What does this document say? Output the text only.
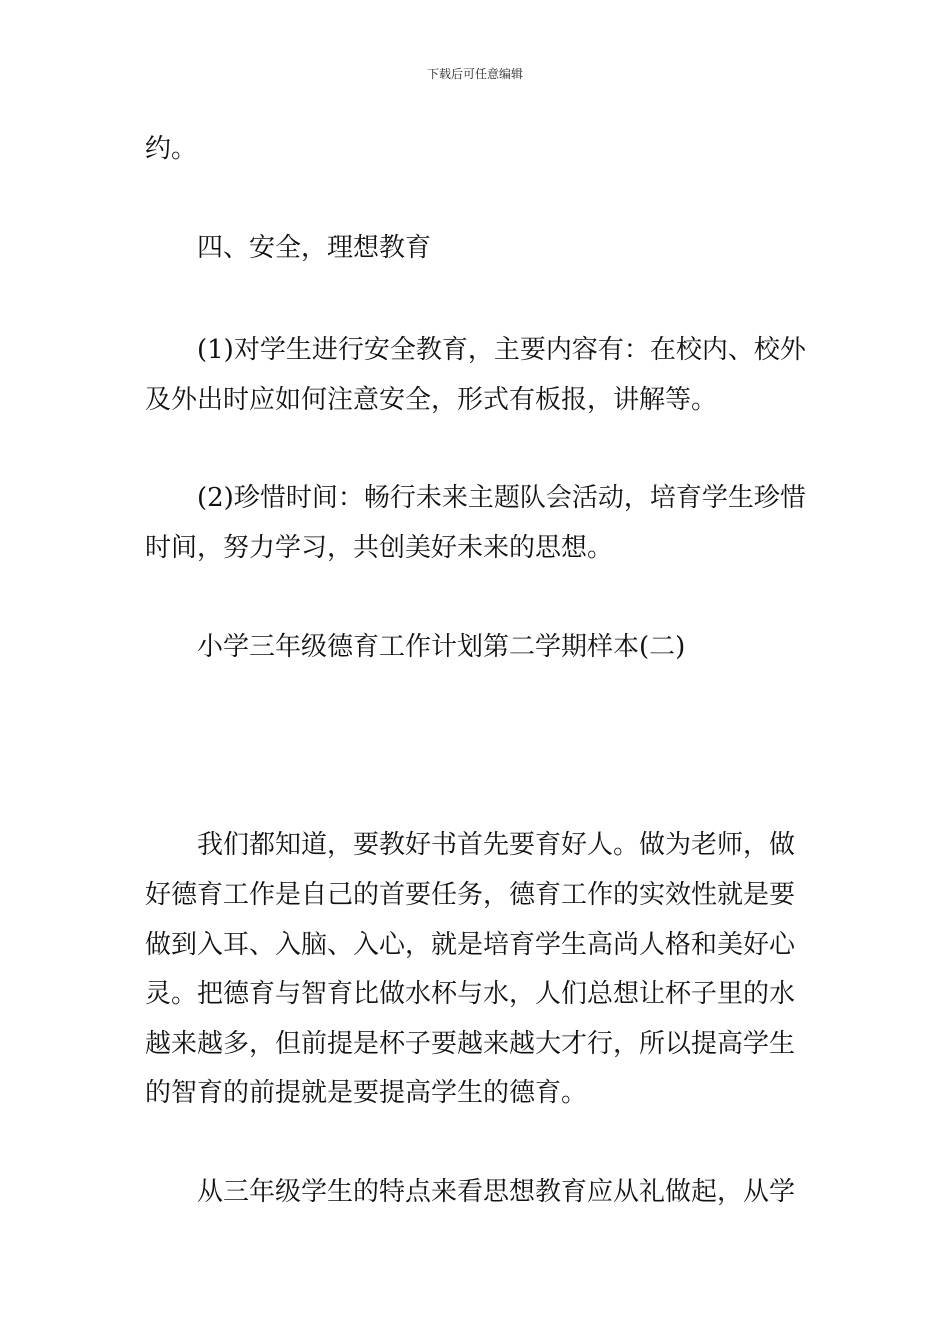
下载后可任意编辑
约。
四、安全，理想教育
(1)对学生进行安全教育，主要内容有：在校内、校外
及外出时应如何注意安全，形式有板报，讲解等。
(2)珍惜时间：畅行未来主题队会活动，培育学生珍惜
时间，努力学习，共创美好未来的思想。
小学三年级德育工作计划第二学期样本(二)
我们都知道，要教好书首先要育好人。做为老师，做
好德育工作是自己的首要任务，德育工作的实效性就是要
做到入耳、入脑、入心，就是培育学生高尚人格和美好心
灵。把德育与智育比做水杯与水，人们总想让杯子里的水
越来越多，但前提是杯子要越来越大才行，所以提高学生
的智育的前提就是要提高学生的德育。
从三年级学生的特点来看思想教育应从礼做起，从学
